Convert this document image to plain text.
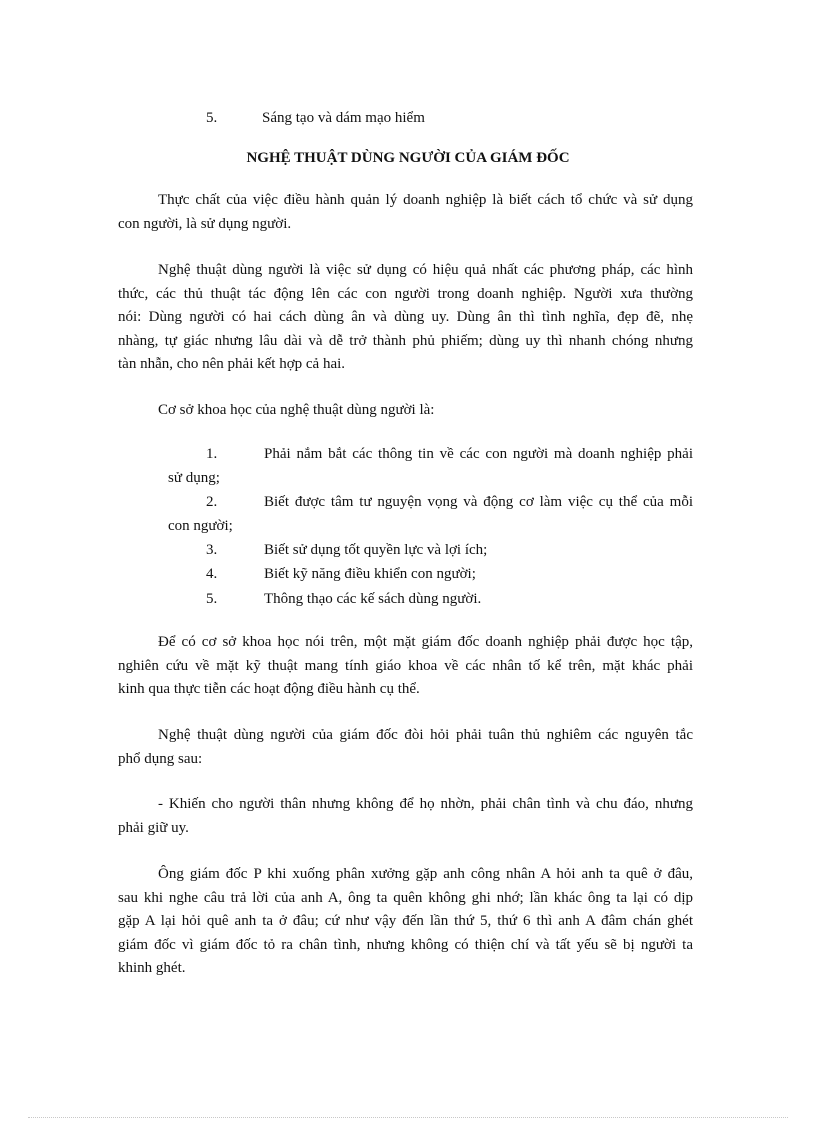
5.	Sáng tạo và dám mạo hiểm
NGHỆ THUẬT DÙNG NGƯỜI CỦA GIÁM ĐỐC
Thực chất của việc điều hành quản lý doanh nghiệp là biết cách tổ chức và sử dụng
con người, là sử dụng người.
Nghệ thuật dùng người là việc sử dụng có hiệu quả nhất các phương pháp, các hình
thức, các thủ thuật tác động lên các con người trong doanh nghiệp. Người xưa thường
nói: Dùng người có hai cách dùng ân và dùng uy. Dùng ân thì tình nghĩa, đẹp đẽ, nhẹ
nhàng, tự giác nhưng lâu dài và dễ trở thành phủ phiếm; dùng uy thì nhanh chóng nhưng
tàn nhẫn, cho nên phải kết hợp cả hai.
Cơ sở khoa học của nghệ thuật dùng người là:
1.	Phải nắm bắt các thông tin về các con người mà doanh nghiệp phải
sử dụng;
2.	Biết được tâm tư nguyện vọng và động cơ làm việc cụ thể của mỗi
con người;
3.	Biết sử dụng tốt quyền lực và lợi ích;
4.	Biết kỹ năng điều khiển con người;
5.	Thông thạo các kế sách dùng người.
Để có cơ sở khoa học nói trên, một mặt giám đốc doanh nghiệp phải được học tập,
nghiên cứu về mặt kỹ thuật mang tính giáo khoa về các nhân tố kể trên, mặt khác phải
kinh qua thực tiễn các hoạt động điều hành cụ thể.
Nghệ thuật dùng người của giám đốc đòi hỏi phải tuân thủ nghiêm các nguyên tắc
phổ dụng sau:
- Khiến cho người thân nhưng không để họ nhờn, phải chân tình và chu đáo, nhưng
phải giữ uy.
Ông giám đốc P khi xuống phân xưởng gặp anh công nhân A hỏi anh ta quê ở đâu,
sau khi nghe câu trả lời của anh A, ông ta quên không ghi nhớ; lần khác ông ta lại có dịp
gặp A lại hỏi quê anh ta ở đâu; cứ như vậy đến lần thứ 5, thứ 6 thì anh A đâm chán ghét
giám đốc vì giám đốc tỏ ra chân tình, nhưng không có thiện chí và tất yếu sẽ bị người ta
khinh ghét.
